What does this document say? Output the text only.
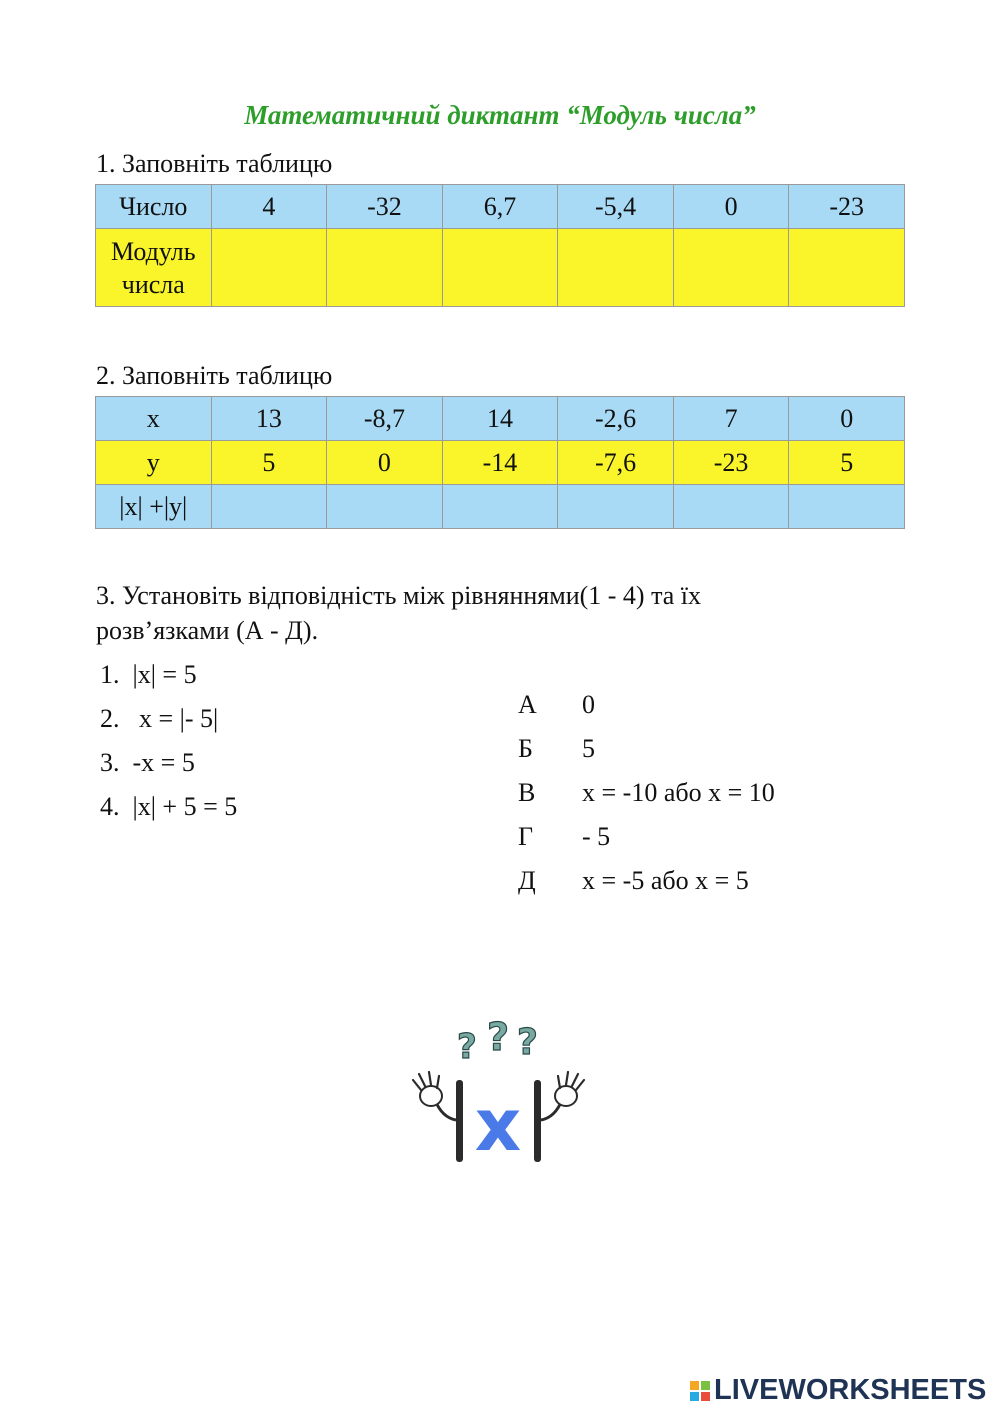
Математичний диктант “Модуль числа”
1. Заповніть таблицю
Число	4	-32	6,7	-5,4	0	-23
Модуль
числа						
2. Заповніть таблицю
x	13	-8,7	14	-2,6	7	0
y	5	0	-14	-7,6	-23	5
|x| +|y|						
3. Установіть відповідність між рівняннями(1 - 4) та їх
розв’язками (А - Д).
1.  |x| = 5
2.   x = |- 5|
3.  -x = 5
4.  |x| + 5 = 5

А 0

Б 5

В x = -10 або x = 10

Г - 5

Д x = -5 або x = 5

? ? ?
x
LIVEWORKSHEETS
